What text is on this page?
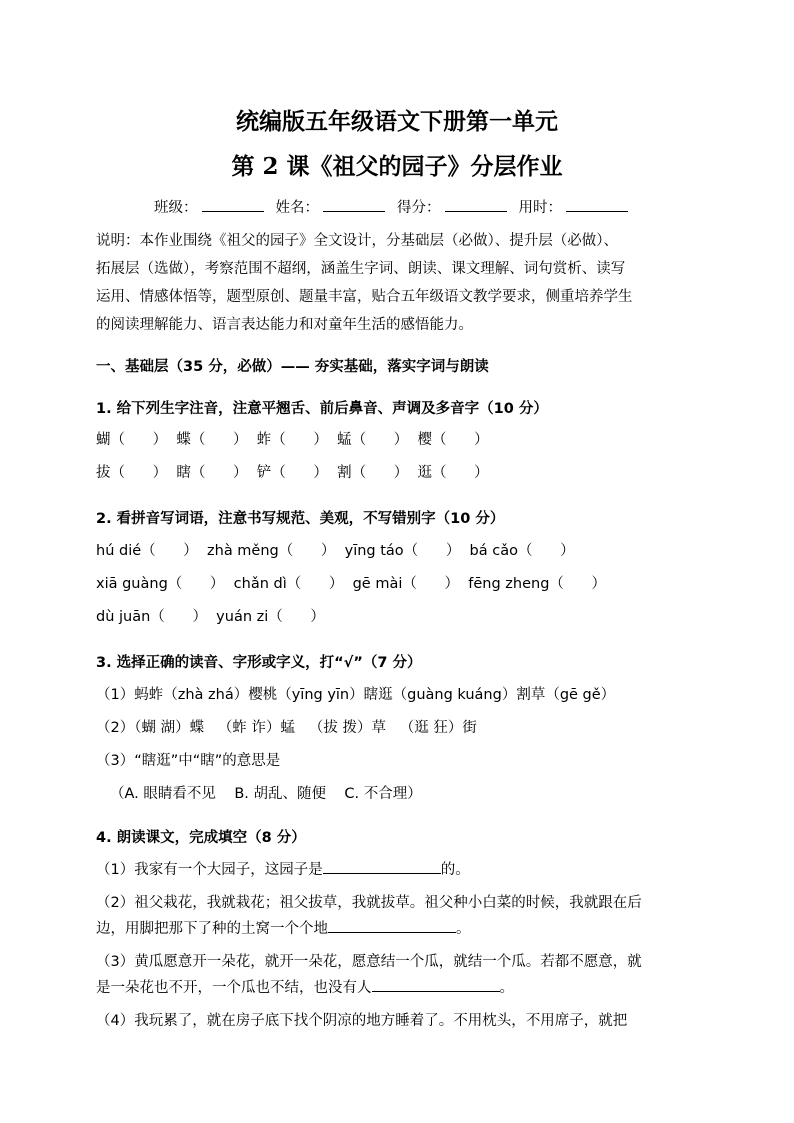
统编版五年级语文下册第一单元
第 2 课《祖父的园子》分层作业
班级：	姓名：	得分：	用时：
说明：本作业围绕《祖父的园子》全文设计，分基础层（必做）、提升层（必做）、
拓展层（选做），考察范围不超纲，涵盖生字词、朗读、课文理解、词句赏析、读写
运用、情感体悟等，题型原创、题量丰富，贴合五年级语文教学要求，侧重培养学生
的阅读理解能力、语言表达能力和对童年生活的感悟能力。
一、基础层（35 分，必做）—— 夯实基础，落实字词与朗读
1. 给下列生字注音，注意平翘舌、前后鼻音、声调及多音字（10 分）
蝴（      ）  蝶（      ）  蚱（      ）  蜢（      ）  樱（      ）
拔（      ）  瞎（      ）  铲（      ）  割（      ）  逛（      ）
2. 看拼音写词语，注意书写规范、美观，不写错别字（10 分）
hú dié（      ）  zhà měng（      ）  yīng táo（      ）  bá cǎo（      ）
xiā guàng（      ）  chǎn dì（      ）  gē mài（      ）  fēng zheng（      ）
dù juān（      ）  yuán zi（      ）
3. 选择正确的读音、字形或字义，打“√”（7 分）
（1）蚂蚱（zhà zhá）樱桃（yīng yīn）瞎逛（guàng kuáng）割草（gē gě）
（2）（蝴 湖）蝶   （蚱 诈）蜢   （拔 拨）草   （逛 狂）街
（3）“瞎逛”中“瞎”的意思是
（A. 眼睛看不见    B. 胡乱、随便    C. 不合理）
4. 朗读课文，完成填空（8 分）
（1）我家有一个大园子，这园子是	的。
（2）祖父栽花，我就栽花；祖父拔草，我就拔草。祖父种小白菜的时候，我就跟在后
边，用脚把那下了种的土窝一个个地	。
（3）黄瓜愿意开一朵花，就开一朵花，愿意结一个瓜，就结一个瓜。若都不愿意，就
是一朵花也不开，一个瓜也不结，也没有人	。
（4）我玩累了，就在房子底下找个阴凉的地方睡着了。不用枕头，不用席子，就把
